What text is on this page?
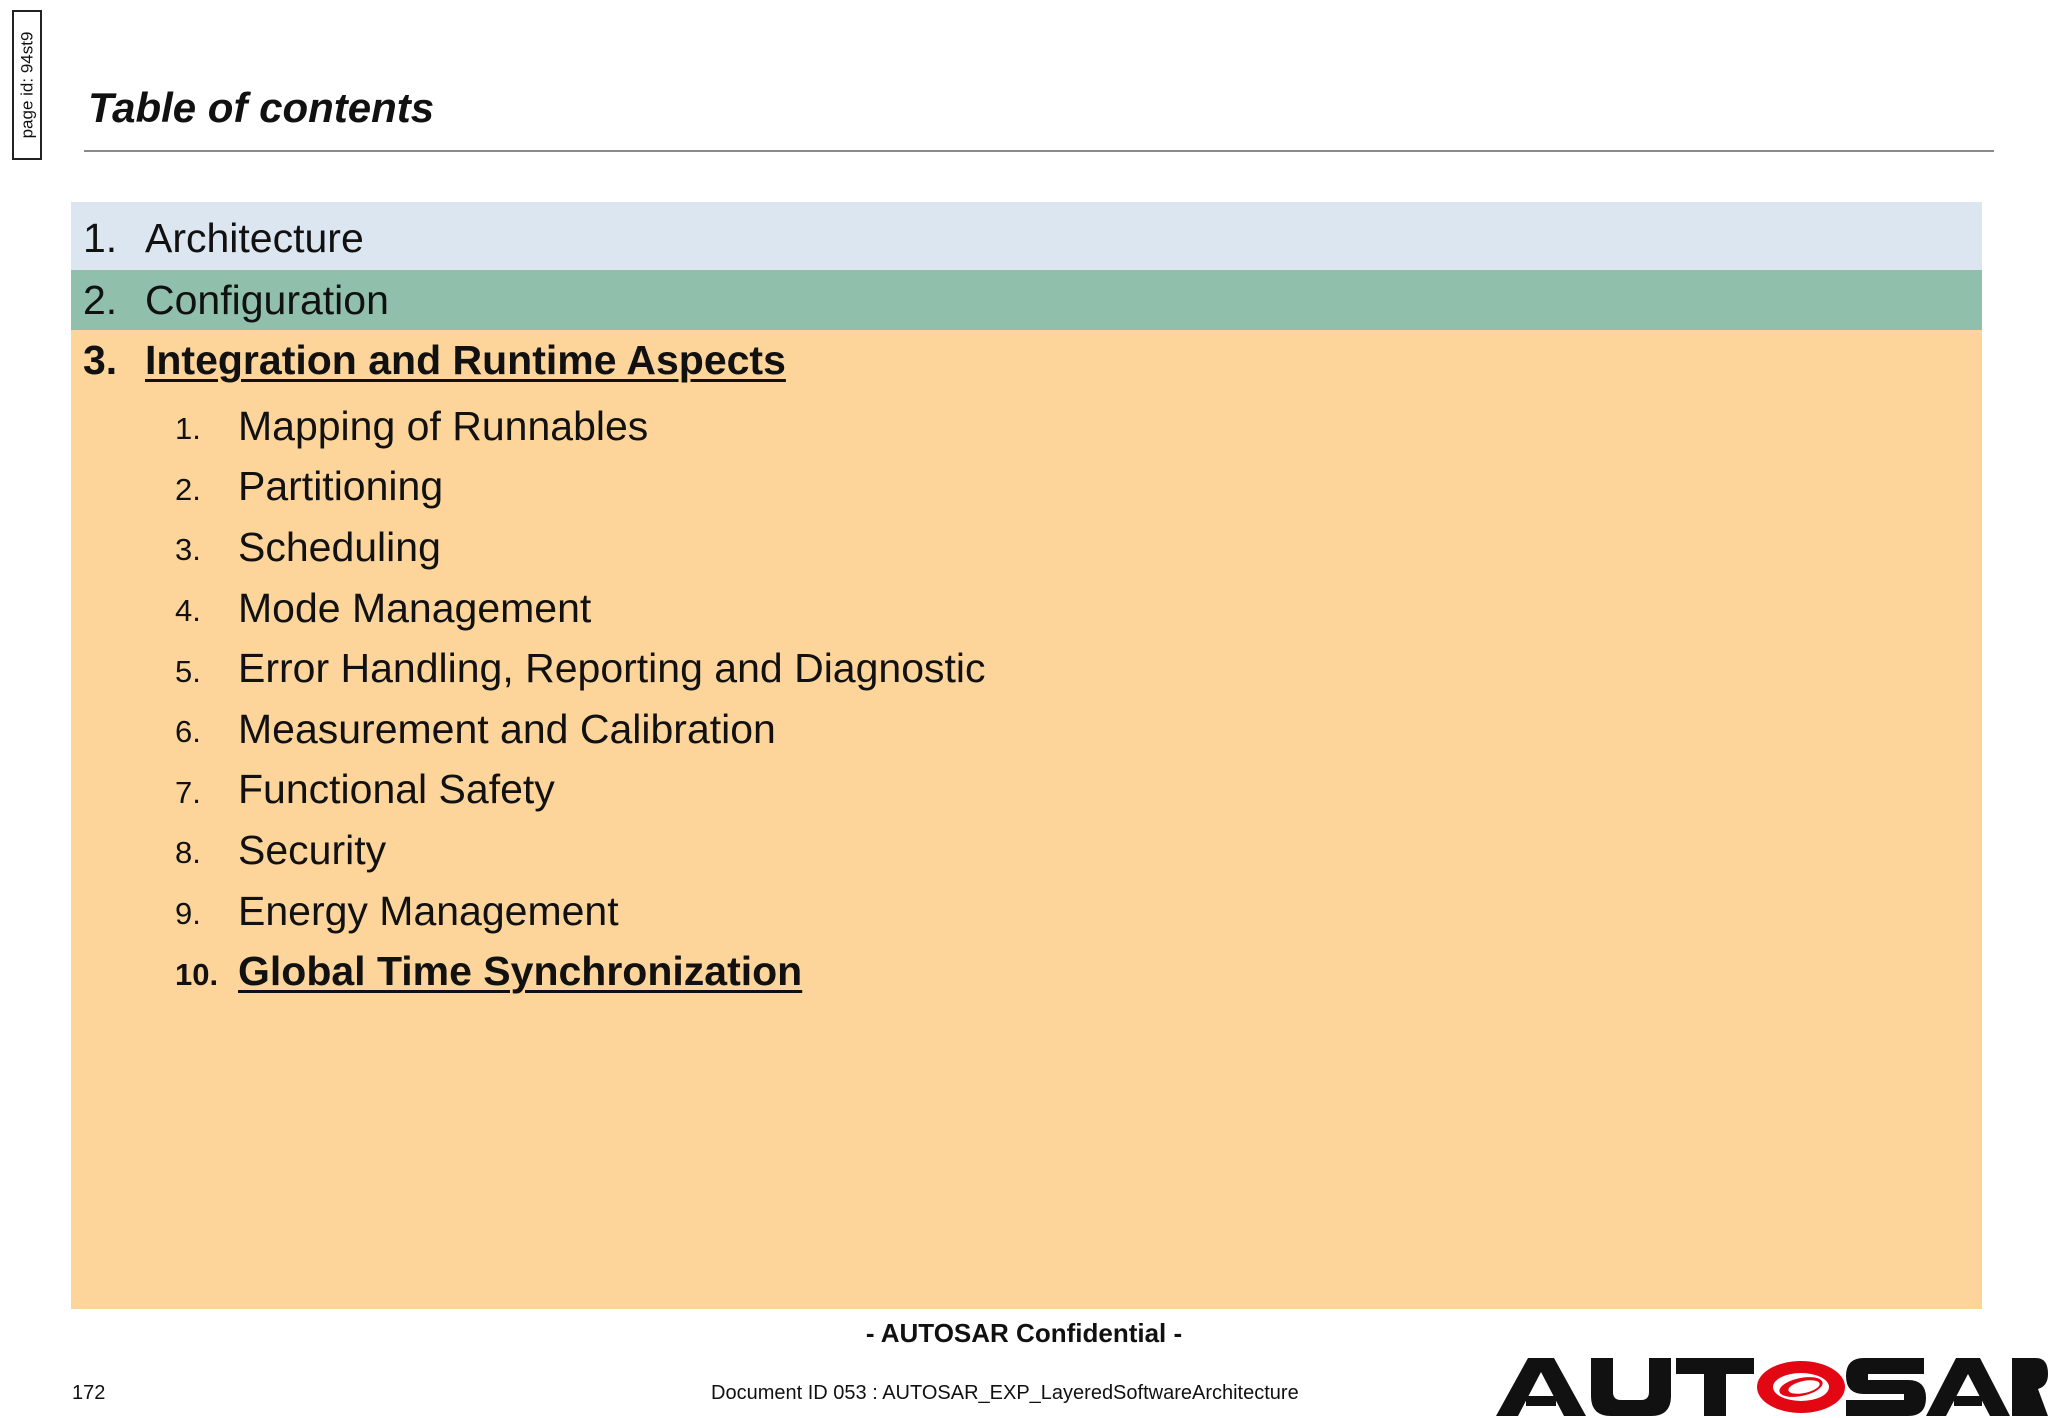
page id: 94st9 Table of contents
1. Architecture
2. Configuration
3. Integration and Runtime Aspects
1. Mapping of Runnables
2. Partitioning
3. Scheduling
4. Mode Management
5. Error Handling, Reporting and Diagnostic
6. Measurement and Calibration
7. Functional Safety
8. Security
9. Energy Management
10. Global Time Synchronization
- AUTOSAR Confidential -
172	Document ID 053 : AUTOSAR_EXP_LayeredSoftwareArchitecture
